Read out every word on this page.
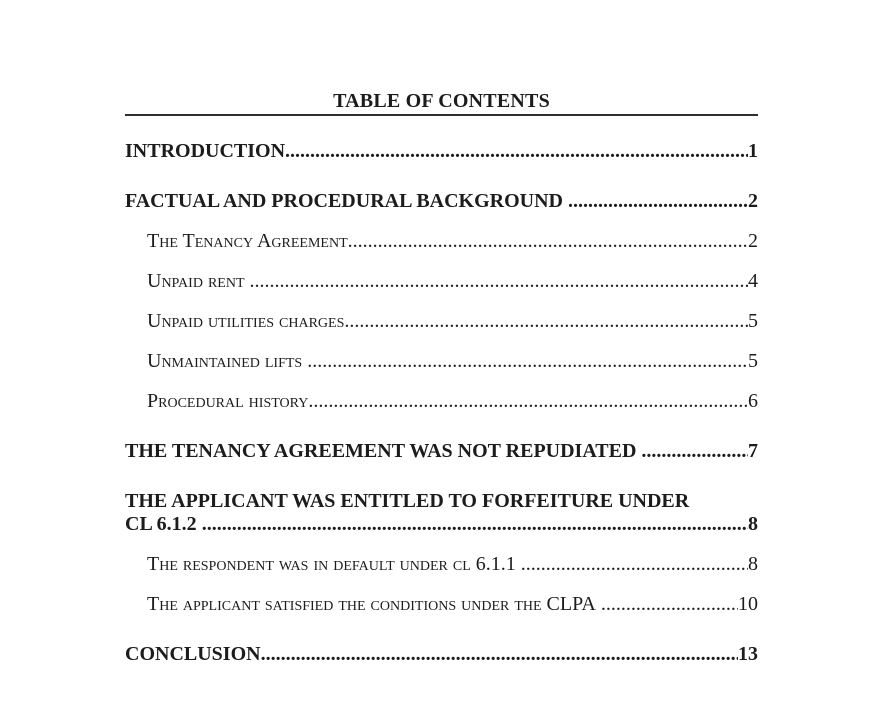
TABLE OF CONTENTS
INTRODUCTION .....	1
FACTUAL AND PROCEDURAL BACKGROUND .....	2
The Tenancy Agreement .....	2
Unpaid rent .....	4
Unpaid utilities charges .....	5
Unmaintained lifts .....	5
Procedural history .....	6
THE TENANCY AGREEMENT WAS NOT REPUDIATED .....	7
THE APPLICANT WAS ENTITLED TO FORFEITURE UNDER
CL 6.1.2 .....	8
The respondent was in default under cl 6.1.1 .....	8
The applicant satisfied the conditions under the CLPA .....	10
CONCLUSION .....	13
